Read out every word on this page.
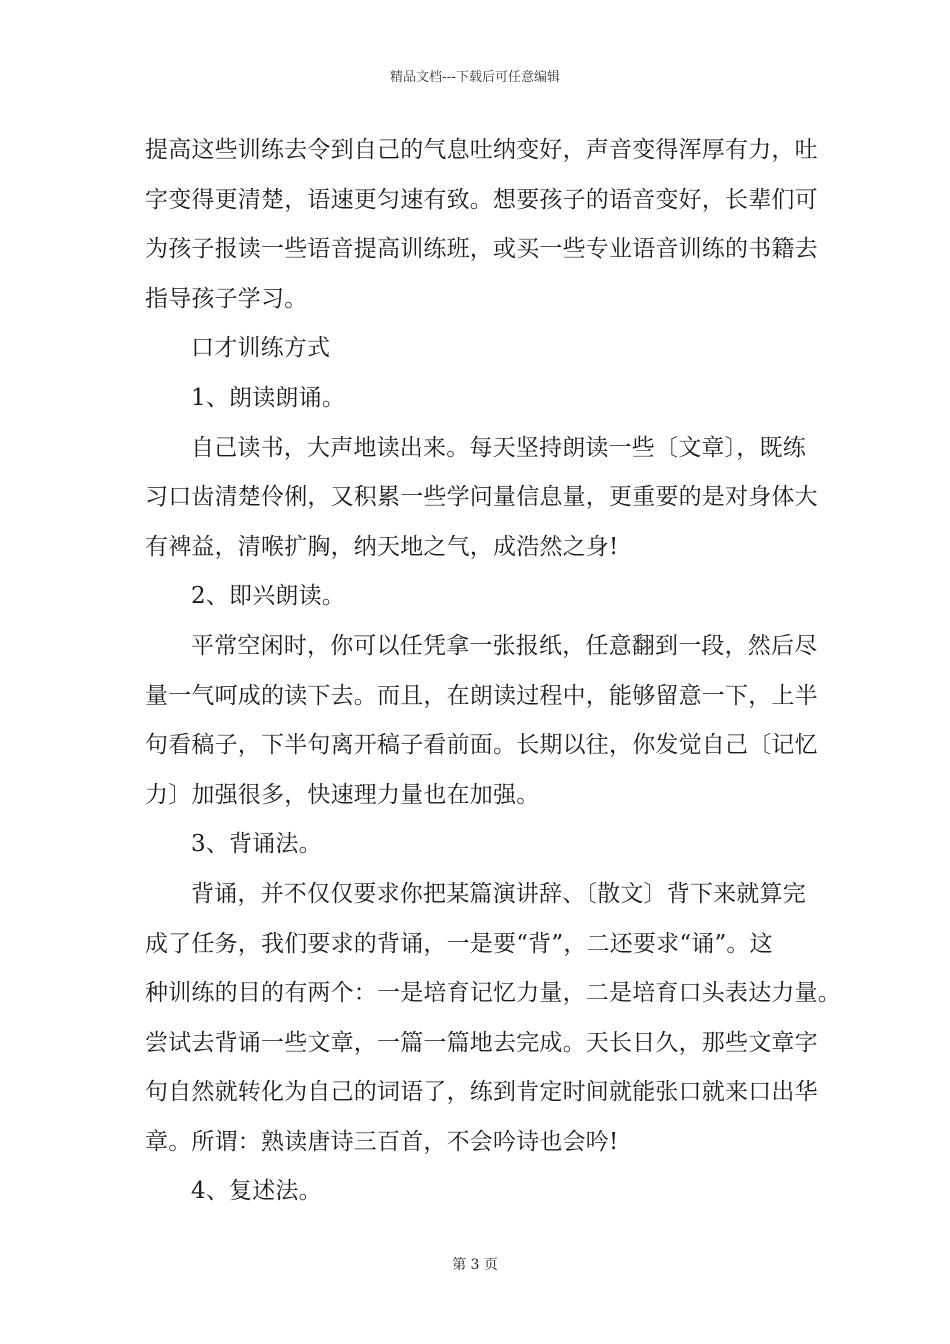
精品文档---下载后可任意编辑
提高这些训练去令到自己的气息吐纳变好，声音变得浑厚有力，吐
字变得更清楚，语速更匀速有致。想要孩子的语音变好，长辈们可
为孩子报读一些语音提高训练班，或买一些专业语音训练的书籍去
指导孩子学习。
口才训练方式
1、朗读朗诵。
自己读书，大声地读出来。每天坚持朗读一些〔文章〕，既练
习口齿清楚伶俐，又积累一些学问量信息量，更重要的是对身体大
有裨益，清喉扩胸，纳天地之气，成浩然之身!
2、即兴朗读。
平常空闲时，你可以任凭拿一张报纸，任意翻到一段，然后尽
量一气呵成的读下去。而且，在朗读过程中，能够留意一下，上半
句看稿子，下半句离开稿子看前面。长期以往，你发觉自己〔记忆
力〕加强很多，快速理力量也在加强。
3、背诵法。
背诵，并不仅仅要求你把某篇演讲辞、〔散文〕背下来就算完
成了任务，我们要求的背诵，一是要“背”，二还要求“诵”。这
种训练的目的有两个：一是培育记忆力量，二是培育口头表达力量。
尝试去背诵一些文章，一篇一篇地去完成。天长日久，那些文章字
句自然就转化为自己的词语了，练到肯定时间就能张口就来口出华
章。所谓：熟读唐诗三百首，不会吟诗也会吟!
4、复述法。
第 3 页
